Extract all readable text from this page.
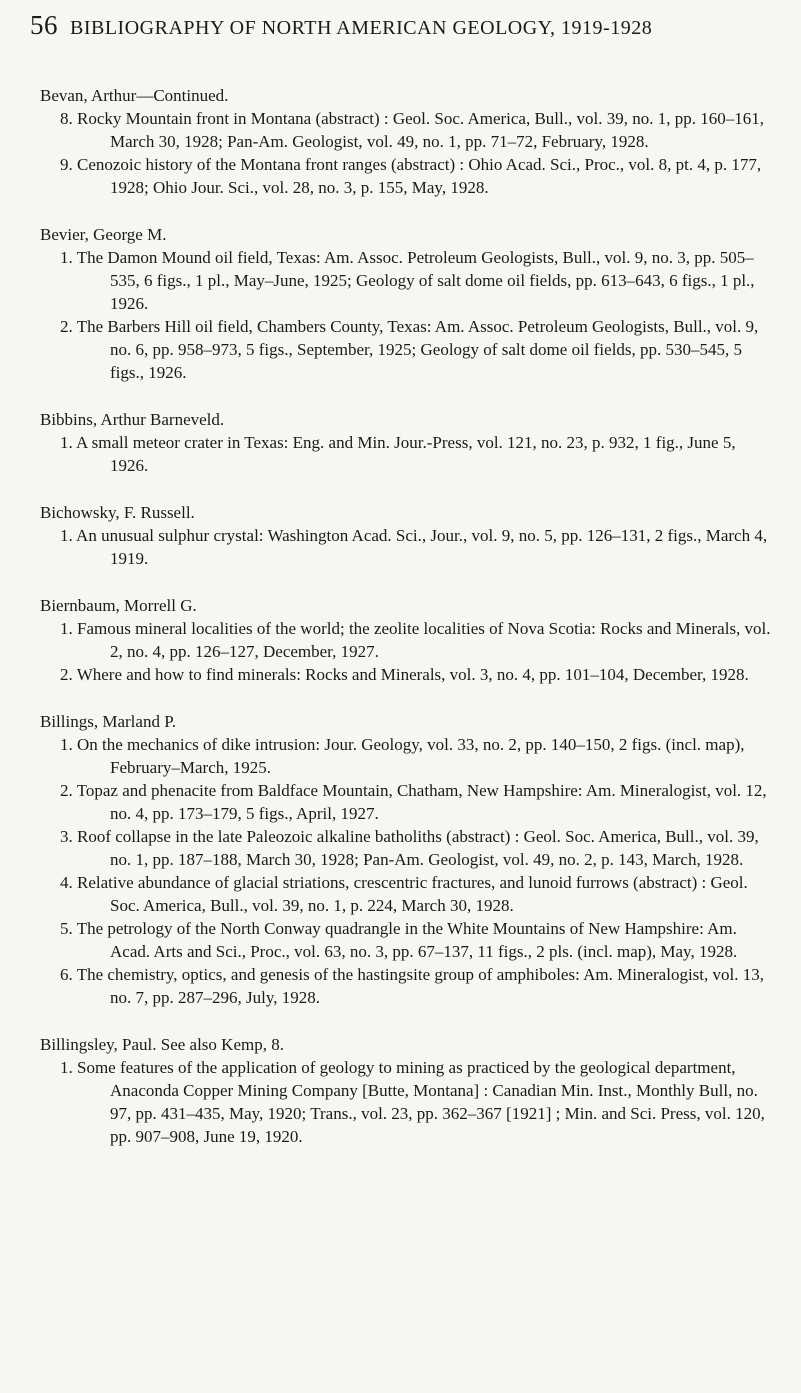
56 BIBLIOGRAPHY OF NORTH AMERICAN GEOLOGY, 1919-1928
Bevan, Arthur—Continued.

8. Rocky Mountain front in Montana (abstract) : Geol. Soc. America, Bull., vol. 39, no. 1, pp. 160–161, March 30, 1928; Pan-Am. Geologist, vol. 49, no. 1, pp. 71–72, February, 1928.

9. Cenozoic history of the Montana front ranges (abstract) : Ohio Acad. Sci., Proc., vol. 8, pt. 4, p. 177, 1928; Ohio Jour. Sci., vol. 28, no. 3, p. 155, May, 1928.

Bevier, George M.

1. The Damon Mound oil field, Texas: Am. Assoc. Petroleum Geologists, Bull., vol. 9, no. 3, pp. 505–535, 6 figs., 1 pl., May–June, 1925; Geology of salt dome oil fields, pp. 613–643, 6 figs., 1 pl., 1926.

2. The Barbers Hill oil field, Chambers County, Texas: Am. Assoc. Petroleum Geologists, Bull., vol. 9, no. 6, pp. 958–973, 5 figs., September, 1925; Geology of salt dome oil fields, pp. 530–545, 5 figs., 1926.

Bibbins, Arthur Barneveld.

1. A small meteor crater in Texas: Eng. and Min. Jour.-Press, vol. 121, no. 23, p. 932, 1 fig., June 5, 1926.

Bichowsky, F. Russell.

1. An unusual sulphur crystal: Washington Acad. Sci., Jour., vol. 9, no. 5, pp. 126–131, 2 figs., March 4, 1919.

Biernbaum, Morrell G.

1. Famous mineral localities of the world; the zeolite localities of Nova Scotia: Rocks and Minerals, vol. 2, no. 4, pp. 126–127, December, 1927.

2. Where and how to find minerals: Rocks and Minerals, vol. 3, no. 4, pp. 101–104, December, 1928.

Billings, Marland P.

1. On the mechanics of dike intrusion: Jour. Geology, vol. 33, no. 2, pp. 140–150, 2 figs. (incl. map), February–March, 1925.

2. Topaz and phenacite from Baldface Mountain, Chatham, New Hampshire: Am. Mineralogist, vol. 12, no. 4, pp. 173–179, 5 figs., April, 1927.

3. Roof collapse in the late Paleozoic alkaline batholiths (abstract) : Geol. Soc. America, Bull., vol. 39, no. 1, pp. 187–188, March 30, 1928; Pan-Am. Geologist, vol. 49, no. 2, p. 143, March, 1928.

4. Relative abundance of glacial striations, crescentric fractures, and lunoid furrows (abstract) : Geol. Soc. America, Bull., vol. 39, no. 1, p. 224, March 30, 1928.

5. The petrology of the North Conway quadrangle in the White Mountains of New Hampshire: Am. Acad. Arts and Sci., Proc., vol. 63, no. 3, pp. 67–137, 11 figs., 2 pls. (incl. map), May, 1928.

6. The chemistry, optics, and genesis of the hastingsite group of amphiboles: Am. Mineralogist, vol. 13, no. 7, pp. 287–296, July, 1928.

Billingsley, Paul. See also Kemp, 8.

1. Some features of the application of geology to mining as practiced by the geological department, Anaconda Copper Mining Company [Butte, Montana] : Canadian Min. Inst., Monthly Bull, no. 97, pp. 431–435, May, 1920; Trans., vol. 23, pp. 362–367 [1921] ; Min. and Sci. Press, vol. 120, pp. 907–908, June 19, 1920.
